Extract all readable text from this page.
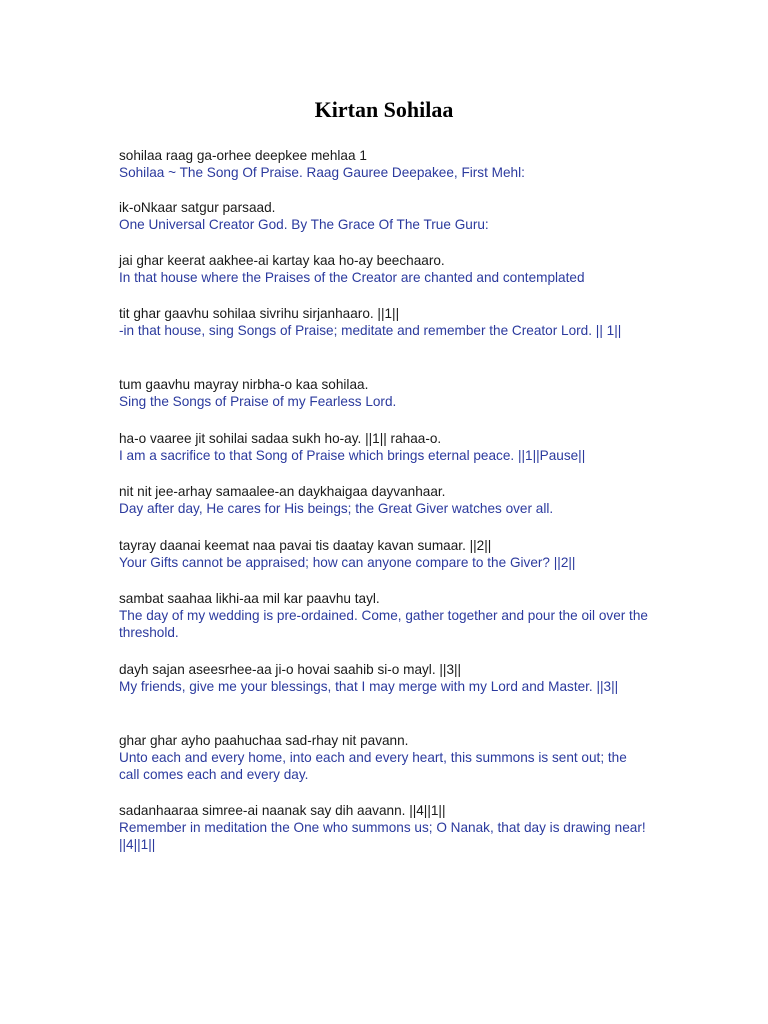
Kirtan Sohilaa
sohilaa raag ga-orhee deepkee mehlaa 1
Sohilaa ~ The Song Of Praise. Raag Gauree Deepakee, First Mehl:
ik-oNkaar satgur parsaad.
One Universal Creator God. By The Grace Of The True Guru:
jai ghar keerat aakhee-ai kartay kaa ho-ay beechaaro.
In that house where the Praises of the Creator are chanted and contemplated
tit ghar gaavhu sohilaa sivrihu sirjanhaaro. ||1||
-in that house, sing Songs of Praise; meditate and remember the Creator Lord. || 1||
tum gaavhu mayray nirbha-o kaa sohilaa.
Sing the Songs of Praise of my Fearless Lord.
ha-o vaaree jit sohilai sadaa sukh ho-ay. ||1|| rahaa-o.
I am a sacrifice to that Song of Praise which brings eternal peace. ||1||Pause||
nit nit jee-arhay samaalee-an daykhaigaa dayvanhaar.
Day after day, He cares for His beings; the Great Giver watches over all.
tayray daanai keemat naa pavai tis daatay kavan sumaar. ||2||
Your Gifts cannot be appraised; how can anyone compare to the Giver? ||2||
sambat saahaa likhi-aa mil kar paavhu tayl.
The day of my wedding is pre-ordained. Come, gather together and pour the oil over the threshold.
dayh sajan aseesrhee-aa ji-o hovai saahib si-o mayl. ||3||
My friends, give me your blessings, that I may merge with my Lord and Master. ||3||
ghar ghar ayho paahuchaa sad-rhay nit pavann.
Unto each and every home, into each and every heart, this summons is sent out; the call comes each and every day.
sadanhaaraa simree-ai naanak say dih aavann. ||4||1||
Remember in meditation the One who summons us; O Nanak, that day is drawing near! ||4||1||
